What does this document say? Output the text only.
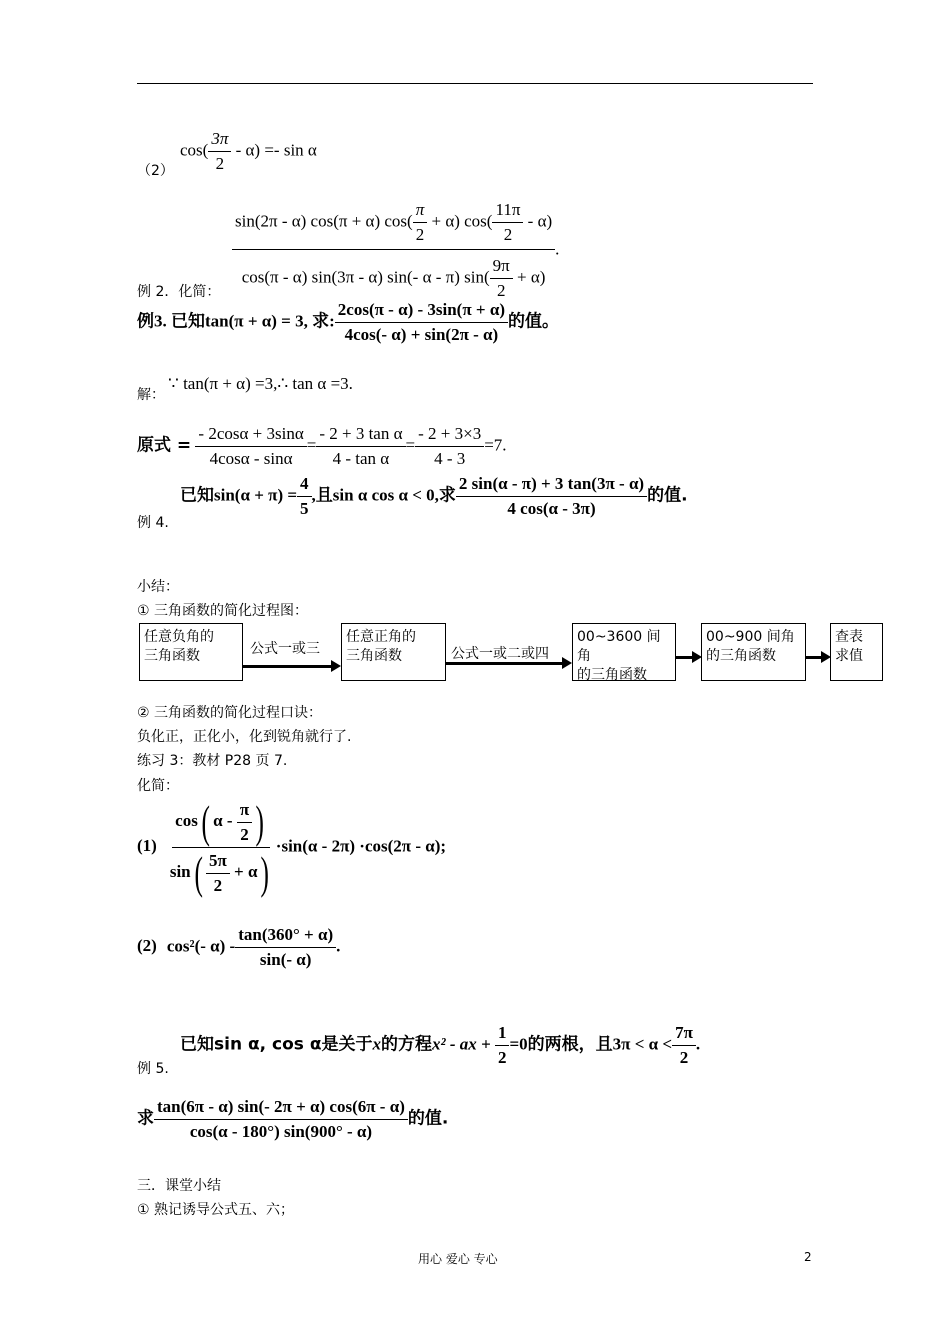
（2）
$\cos( \frac{3\pi}{2} - \alpha) =- \sin \alpha$
$\frac{\sin(2\pi - \alpha) \cos(\pi + \alpha) \cos( \frac{\pi}{2} + \alpha) \cos( \frac{11\pi}{2} - \alpha)}{\cos(\pi - \alpha) \sin(3\pi - \alpha) \sin(- \alpha - \pi) \sin( \frac{9\pi}{2} + \alpha)}$ .
例 2．化简：
例3. 已知tan(π + α) = 3, 求: $\frac{2\cos(\pi - \alpha) - 3\sin(\pi + \alpha)}{4\cos(- \alpha) + \sin(2\pi - \alpha)}$ 的值。
解：
∵ tan(π + α) =3,∴ tan α =3.
原式 = $\frac{- 2\cos\alpha + 3\sin\alpha}{4\cos\alpha - \sin\alpha} = \frac{\text{- 2 + 3 tan α}}{\text{4 - tan α}} = \frac{- 2 + 3\times 3}{4 - 3} =7$.
已知$\sin(\alpha + \pi) = \frac{4}{5}$ ,且sin α cos α < 0,求 $\frac{2 \sin(\alpha - \pi) + 3 \tan(3\pi - \alpha)}{4 \cos(\alpha - 3\pi)}$ 的值.
例 4.
小结：
① 三角函数的简化过程图：
任意负角的
三角函数	公式一或三
任意正角的
三角函数	公式一或二或四
00~3600 间角
的三角函数
00~900 间角
的三角函数
查表
求值
② 三角函数的简化过程口诀：
负化正，正化小，化到锐角就行了.
练习 3：教材 P28 页 7.
化简：
$(1) \frac{\cos( \alpha - \frac{\pi}{2} )}{\sin( \frac{5\pi}{2} + \alpha)} \cdot\sin(\alpha - 2\pi) \cdot\cos(2\pi - \alpha)$;
(2) cos²(- $\alpha) - \frac{\tan(360^\circ + \alpha)}{\sin(- \alpha)}$ .
已知sin α, cos α是关于x的方程x² - ax + $\frac{1}{2} =0$的两根，且$3\pi < \alpha < \frac{7\pi}{2}$ .
例 5.
求 $\frac{\tan(6\pi - \alpha) \sin(- 2\pi + \alpha) \cos(6\pi - \alpha)}{\cos(\alpha - 180^\circ) \sin(900^\circ - \alpha)}$ 的值.
三．课堂小结
① 熟记诱导公式五、六；
用心 爱心 专心	2
